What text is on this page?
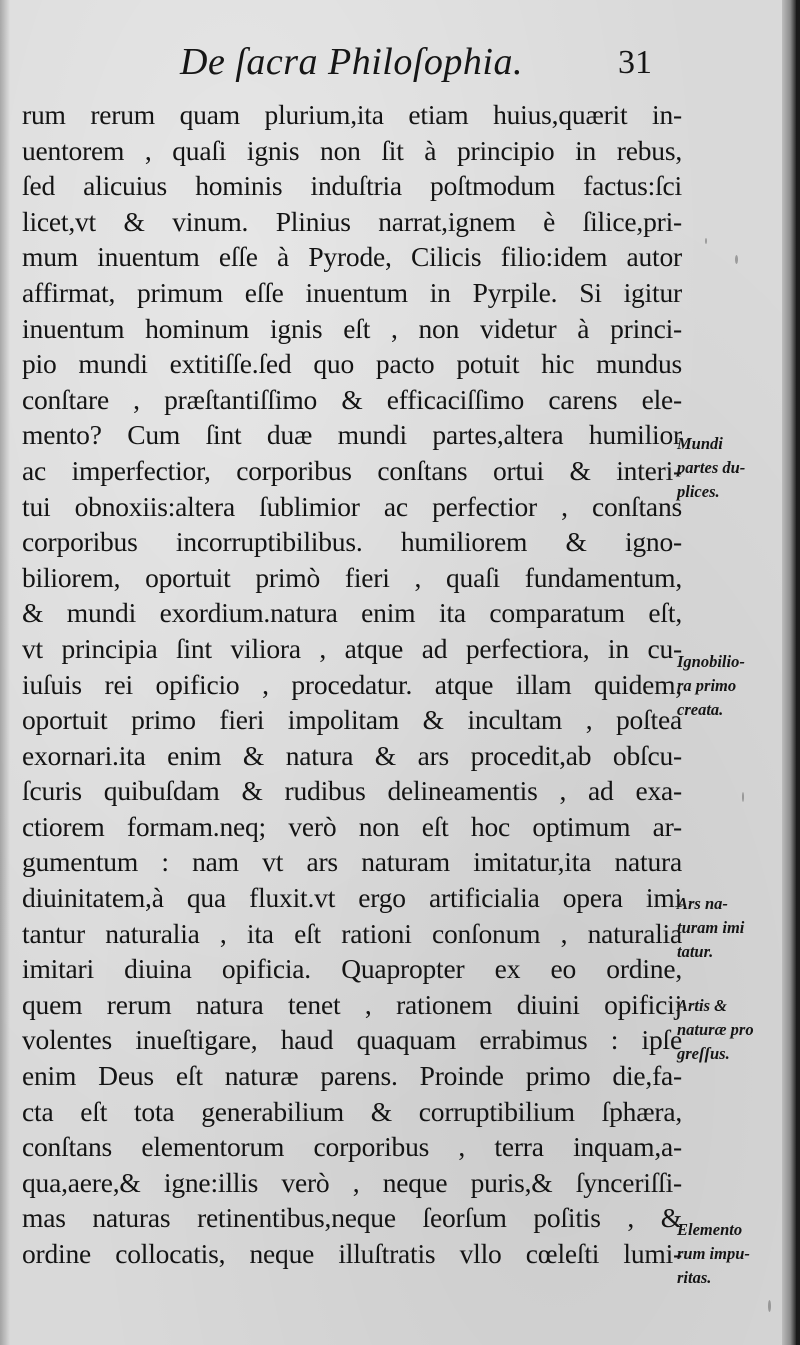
De ſacra Philoſophia.	31
rum rerum quam plurium,ita etiam huius,quærit in-
uentorem , quaſi ignis non ſit à principio in rebus,
ſed alicuius hominis induſtria poſtmodum factus:ſci
licet,vt & vinum. Plinius narrat,ignem è ſilice,pri-
mum inuentum eſſe à Pyrode, Cilicis filio:idem autor
affirmat, primum eſſe inuentum in Pyrpile. Si igitur
inuentum hominum ignis eſt , non videtur à princi-
pio mundi extitiſſe.ſed quo pacto potuit hic mundus
conſtare , præſtantiſſimo & efficaciſſimo carens ele-
mento? Cum ſint duæ mundi partes,altera humilior
ac imperfectior, corporibus conſtans ortui & interi-
tui obnoxiis:altera ſublimior ac perfectior , conſtans
corporibus incorruptibilibus. humiliorem & igno-
biliorem, oportuit primò fieri , quaſi fundamentum,
& mundi exordium.natura enim ita comparatum eſt,
vt principia ſint viliora , atque ad perfectiora, in cu-
iuſuis rei opificio , procedatur. atque illam quidem,
oportuit primo fieri impolitam & incultam , poſtea
exornari.ita enim & natura & ars procedit,ab obſcu-
ſcuris quibuſdam & rudibus delineamentis , ad exa-
ctiorem formam.neq; verò non eſt hoc optimum ar-
gumentum : nam vt ars naturam imitatur,ita natura
diuinitatem,à qua fluxit.vt ergo artificialia opera imi
tantur naturalia , ita eſt rationi conſonum , naturalia
imitari diuina opificia. Quapropter ex eo ordine,
quem rerum natura tenet , rationem diuini opificij
volentes inueſtigare, haud quaquam errabimus : ipſe
enim Deus eſt naturæ parens. Proinde primo die,fa-
cta eſt tota generabilium & corruptibilium ſphæra,
conſtans elementorum corporibus , terra inquam,a-
qua,aere,& igne:illis verò , neque puris,& ſynceriſſi-
mas naturas retinentibus,neque ſeorſum poſitis , &
ordine collocatis, neque illuſtratis vllo cœleſti lumi-
Mundi
partes du-
plices.
Ignobilio-
ra primo
creata.
Ars na-
turam imi
tatur.
Artis &
naturæ pro
greſſus.
Elemento
rum impu-
ritas.
